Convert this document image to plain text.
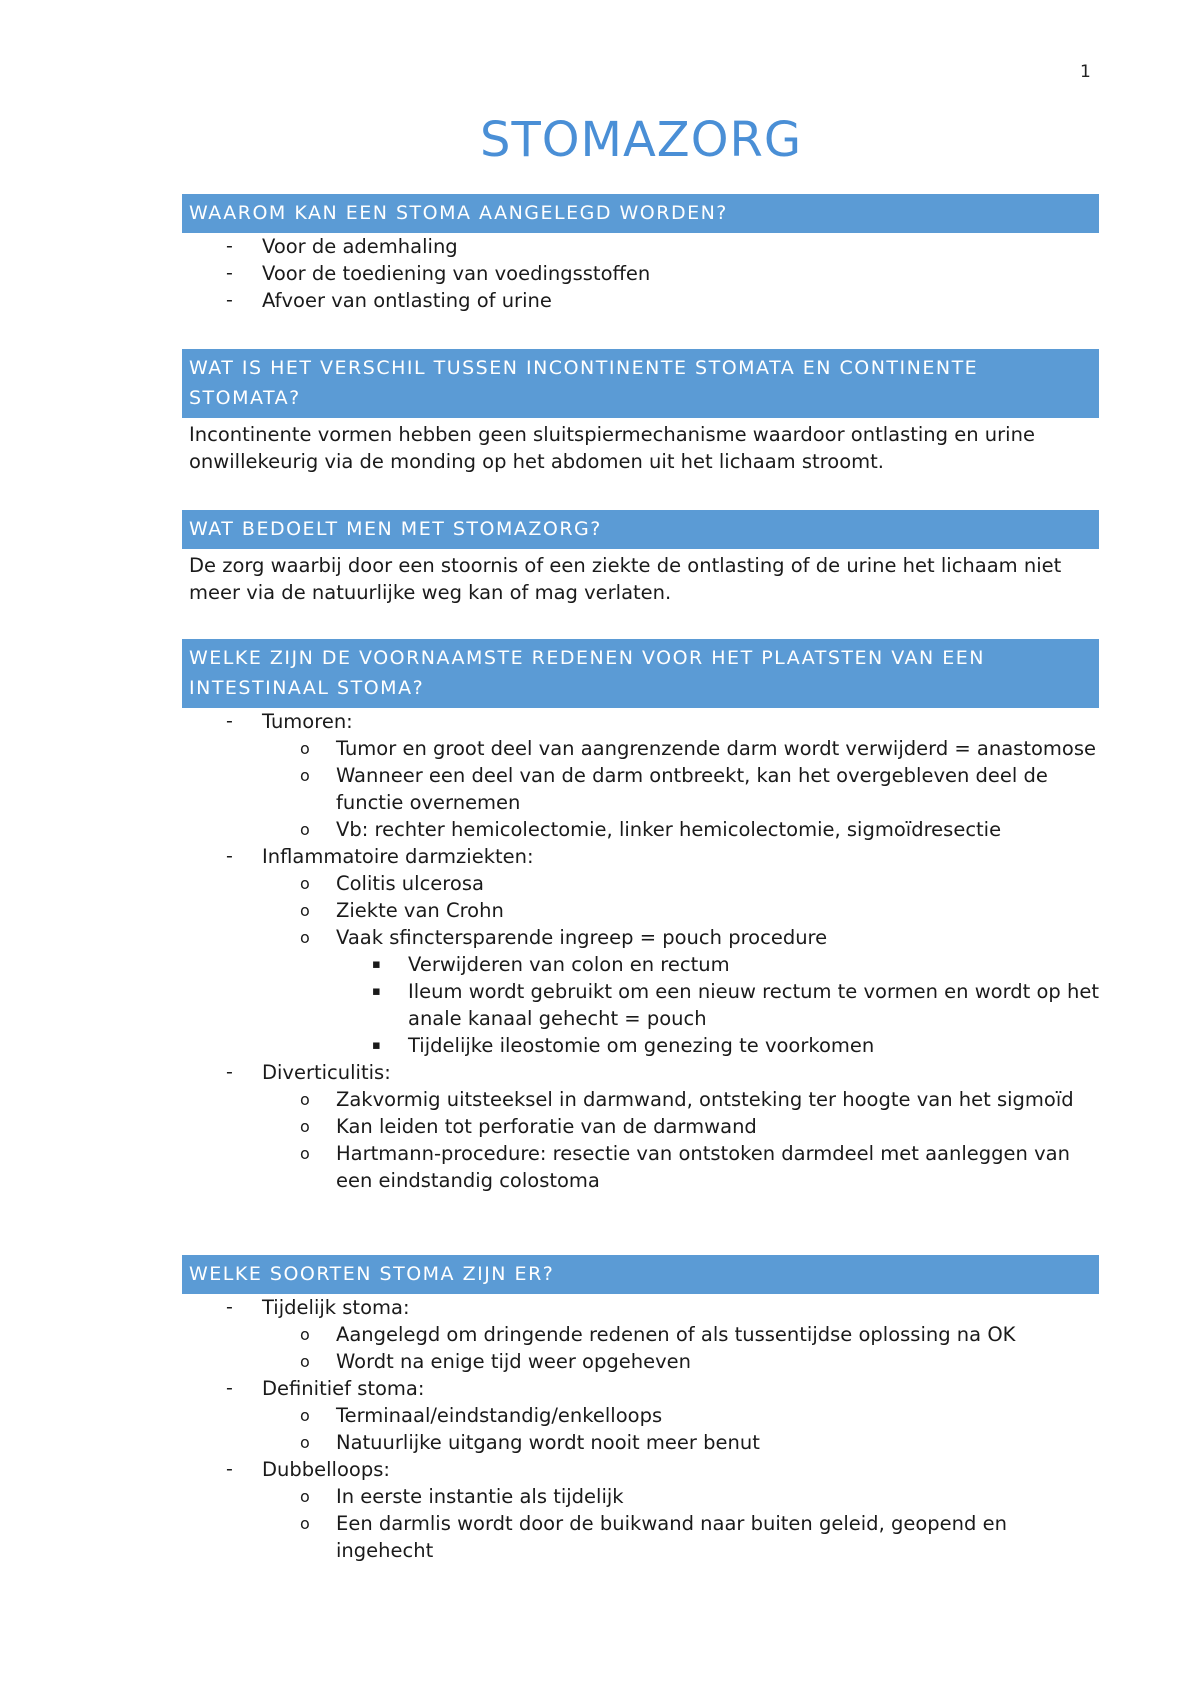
1
STOMAZORG
WAAROM KAN EEN STOMA AANGELEGD WORDEN?
- Voor de ademhaling
- Voor de toediening van voedingsstoffen
- Afvoer van ontlasting of urine
WAT IS HET VERSCHIL TUSSEN INCONTINENTE STOMATA EN CONTINENTE STOMATA?

Incontinente vormen hebben geen sluitspiermechanisme waardoor ontlasting en urine onwillekeurig via de monding op het abdomen uit het lichaam stroomt.

WAT BEDOELT MEN MET STOMAZORG?

De zorg waarbij door een stoornis of een ziekte de ontlasting of de urine het lichaam niet meer via de natuurlijke weg kan of mag verlaten.

WELKE ZIJN DE VOORNAAMSTE REDENEN VOOR HET PLAATSTEN VAN EEN INTESTINAAL STOMA?
- Tumoren:
o Tumor en groot deel van aangrenzende darm wordt verwijderd = anastomose
o Wanneer een deel van de darm ontbreekt, kan het overgebleven deel de functie overnemen
o Vb: rechter hemicolectomie, linker hemicolectomie, sigmoïdresectie
- Inflammatoire darmziekten:
o Colitis ulcerosa
o Ziekte van Crohn
o Vaak sfinctersparende ingreep = pouch procedure
▪ Verwijderen van colon en rectum
▪ Ileum wordt gebruikt om een nieuw rectum te vormen en wordt op het anale kanaal gehecht = pouch
▪ Tijdelijke ileostomie om genezing te voorkomen
- Diverticulitis:
o Zakvormig uitsteeksel in darmwand, ontsteking ter hoogte van het sigmoïd
o Kan leiden tot perforatie van de darmwand
o Hartmann-procedure: resectie van ontstoken darmdeel met aanleggen van een eindstandig colostoma
WELKE SOORTEN STOMA ZIJN ER?
- Tijdelijk stoma:
o Aangelegd om dringende redenen of als tussentijdse oplossing na OK
o Wordt na enige tijd weer opgeheven
- Definitief stoma:
o Terminaal/eindstandig/enkelloops
o Natuurlijke uitgang wordt nooit meer benut
- Dubbelloops:
o In eerste instantie als tijdelijk
o Een darmlis wordt door de buikwand naar buiten geleid, geopend en ingehecht
